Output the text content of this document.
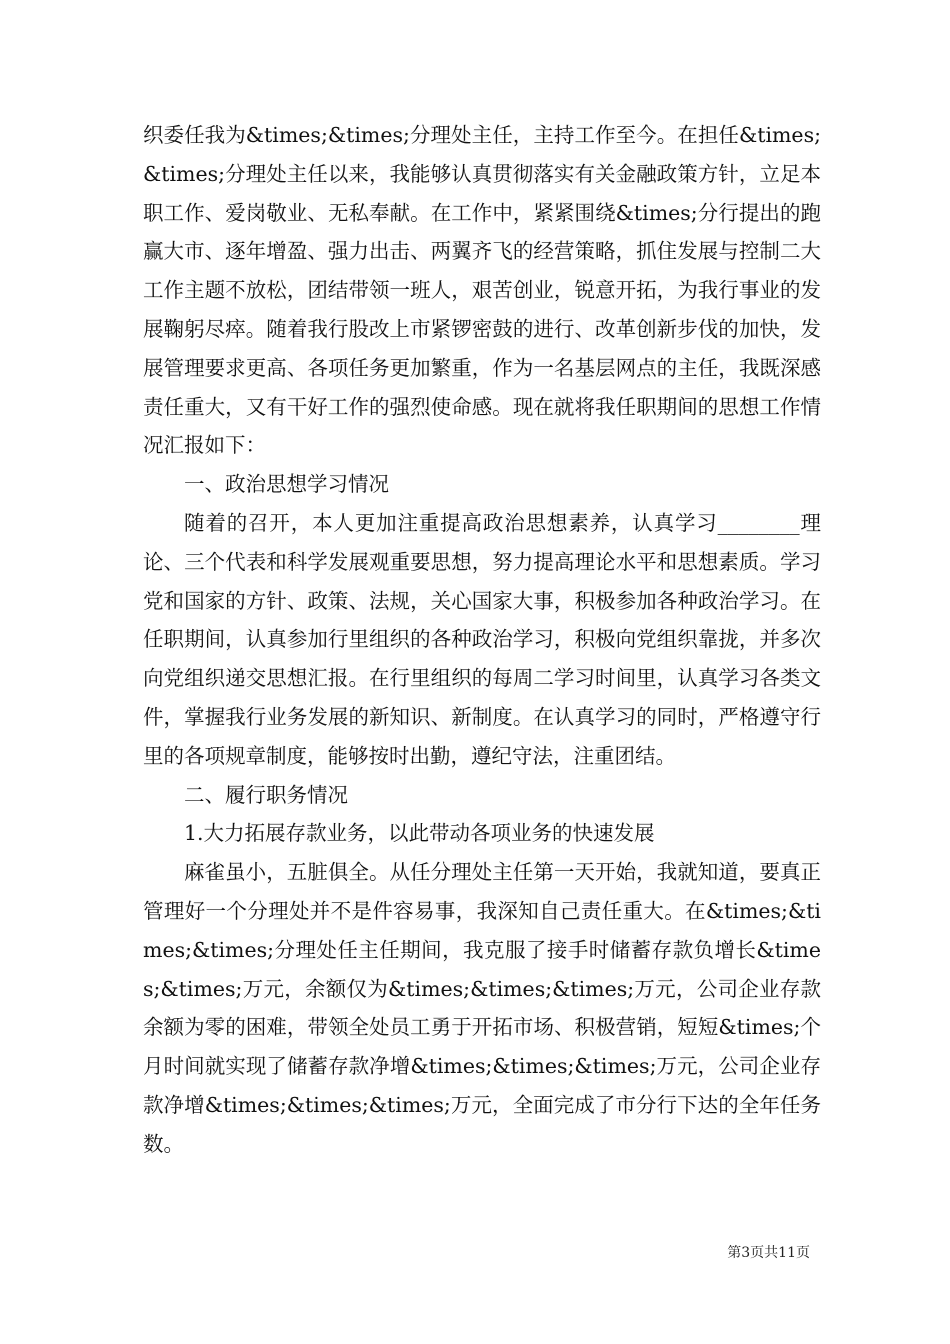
织委任我为&times;&times;分理处主任，主持工作至今。在担任&times;&times;分理处主任以来，我能够认真贯彻落实有关金融政策方针，立足本职工作、爱岗敬业、无私奉献。在工作中，紧紧围绕&times;分行提出的跑赢大市、逐年增盈、强力出击、两翼齐飞的经营策略，抓住发展与控制二大工作主题不放松，团结带领一班人，艰苦创业，锐意开拓，为我行事业的发展鞠躬尽瘁。随着我行股改上市紧锣密鼓的进行、改革创新步伐的加快，发展管理要求更高、各项任务更加繁重，作为一名基层网点的主任，我既深感责任重大，又有干好工作的强烈使命感。现在就将我任职期间的思想工作情况汇报如下：

一、政治思想学习情况

随着的召开，本人更加注重提高政治思想素养，认真学习________理论、三个代表和科学发展观重要思想，努力提高理论水平和思想素质。学习党和国家的方针、政策、法规，关心国家大事，积极参加各种政治学习。在任职期间，认真参加行里组织的各种政治学习，积极向党组织靠拢，并多次向党组织递交思想汇报。在行里组织的每周二学习时间里，认真学习各类文件，掌握我行业务发展的新知识、新制度。在认真学习的同时，严格遵守行里的各项规章制度，能够按时出勤，遵纪守法，注重团结。

二、履行职务情况

1.大力拓展存款业务，以此带动各项业务的快速发展

麻雀虽小，五脏俱全。从任分理处主任第一天开始，我就知道，要真正管理好一个分理处并不是件容易事，我深知自己责任重大。在&times;&times;&times;分理处任主任期间，我克服了接手时储蓄存款负增长&times;&times;万元，余额仅为&times;&times;&times;万元，公司企业存款余额为零的困难，带领全处员工勇于开拓市场、积极营销，短短&times;个月时间就实现了储蓄存款净增&times;&times;&times;万元，公司企业存款净增&times;&times;&times;万元，全面完成了市分行下达的全年任务数。

第3页共11页
